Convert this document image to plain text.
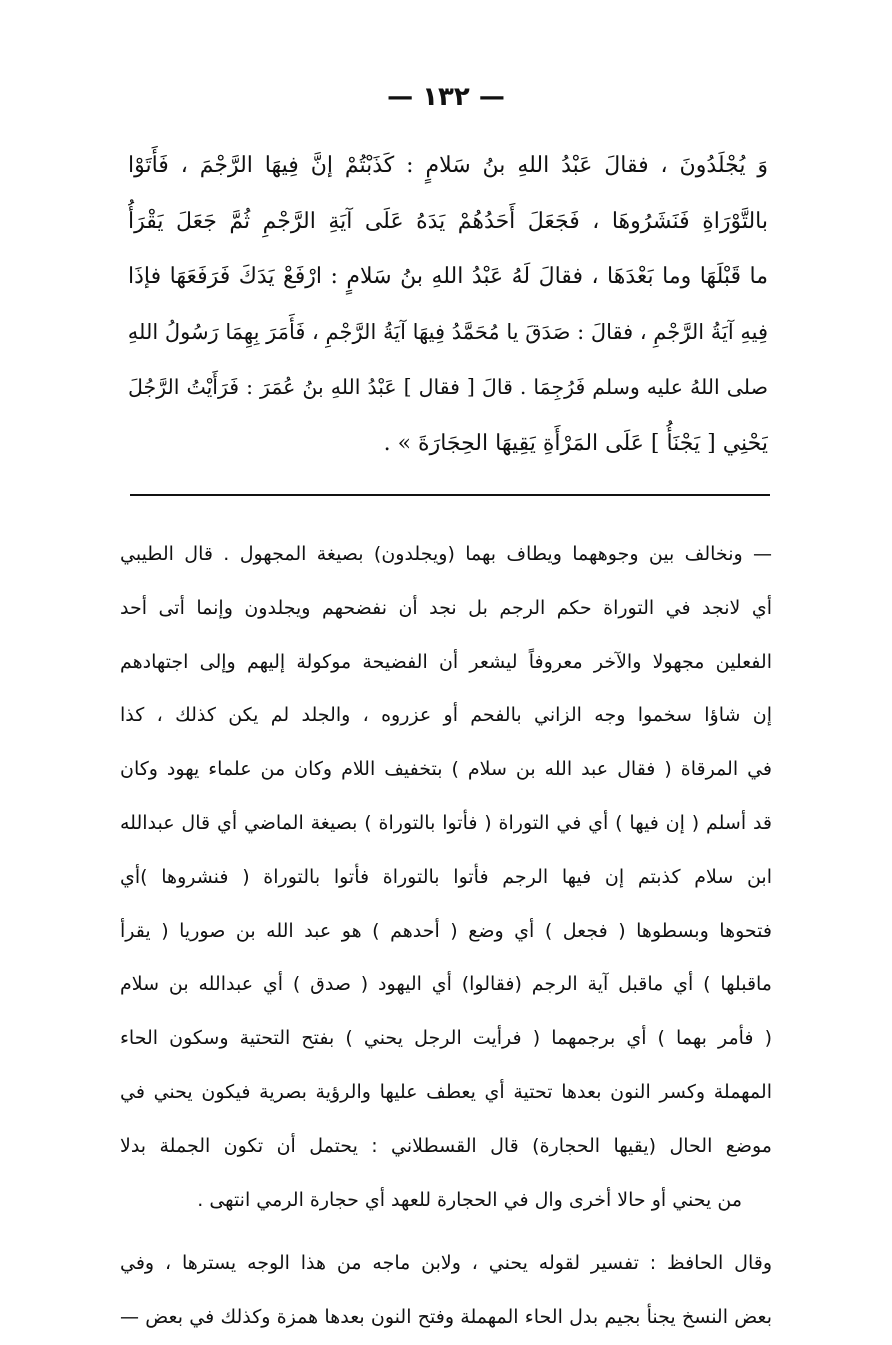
— ١٣٢ —
وَ يُجْلَدُونَ ، فقالَ عَبْدُ اللهِ بنُ سَلامٍ : كَذَبْتُمْ إنَّ فِيهَا الرَّجْمَ ، فَأَتَوْا
بالتَّوْرَاةِ فَنَشَرُوهَا ، فَجَعَلَ أَحَدُهُمْ يَدَهُ عَلَى آيَةِ الرَّجْمِ ثُمَّ جَعَلَ يَقْرَأُ
ما قَبْلَهَا وما بَعْدَهَا ، فقالَ لَهُ عَبْدُ اللهِ بنُ سَلامٍ : ارْفَعْ يَدَكَ فَرَفَعَهَا فإذَا
فِيهِ آيَةُ الرَّجْمِ ، فقالَ : صَدَقَ يا مُحَمَّدُ فِيهَا آيَةُ الرَّجْمِ ، فَأَمَرَ بِهِمَا رَسُولُ اللهِ
صلى اللهُ عليه وسلم فَرُجِمَا . قالَ [ فقال ] عَبْدُ اللهِ بنُ عُمَرَ : فَرَأَيْتُ الرَّجُلَ
يَحْنِي [ يَجْنَأُ ] عَلَى المَرْأَةِ يَقِيهَا الحِجَارَةَ » .
— ونخالف بين وجوههما ويطاف بهما (ويجلدون) بصيغة المجهول . قال الطيبي
أي لانجد في التوراة حكم الرجم بل نجد أن نفضحهم ويجلدون وإنما أتى أحد
الفعلين مجهولا والآخر معروفاً ليشعر أن الفضيحة موكولة إليهم وإلى اجتهادهم
إن شاؤا سخموا وجه الزاني بالفحم أو عزروه ، والجلد لم يكن كذلك ، كذا
في المرقاة ( فقال عبد الله بن سلام ) بتخفيف اللام وكان من علماء يهود وكان
قد أسلم ( إن فيها ) أي في التوراة ( فأتوا بالتوراة ) بصيغة الماضي أي قال عبدالله
ابن سلام كذبتم إن فيها الرجم فأتوا بالتوراة فأتوا بالتوراة ( فنشروها )أي
فتحوها وبسطوها ( فجعل ) أي وضع ( أحدهم ) هو عبد الله بن صوريا ( يقرأ
ماقبلها ) أي ماقبل آية الرجم (فقالوا) أي اليهود ( صدق ) أي عبدالله بن سلام
( فأمر بهما ) أي برجمهما ( فرأيت الرجل يحني ) بفتح التحتية وسكون الحاء
المهملة وكسر النون بعدها تحتية أي يعطف عليها والرؤية بصرية فيكون يحني في
موضع الحال (يقيها الحجارة) قال القسطلاني : يحتمل أن تكون الجملة بدلا
من يحني أو حالا أخرى وال في الحجارة للعهد أي حجارة الرمي انتهى .
وقال الحافظ : تفسير لقوله يحني ، ولابن ماجه من هذا الوجه يسترها ، وفي
بعض النسخ يجنأ بجيم بدل الحاء المهملة وفتح النون بعدها همزة وكذلك في بعض —
